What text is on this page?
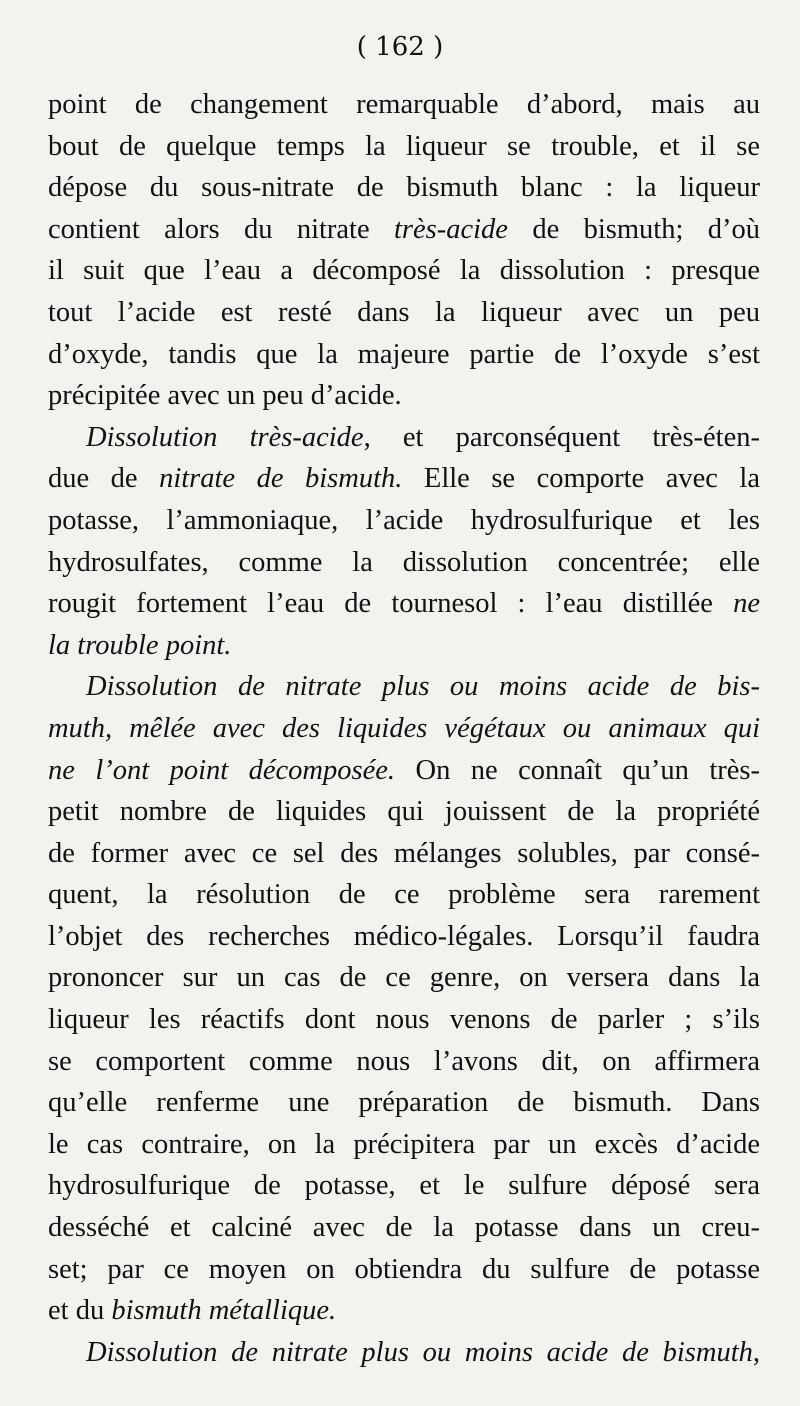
( 162 )
point de changement remarquable d’abord, mais au
bout de quelque temps la liqueur se trouble, et il se
dépose du sous-nitrate de bismuth blanc : la liqueur
contient alors du nitrate très-acide de bismuth; d’où
il suit que l’eau a décomposé la dissolution : presque
tout l’acide est resté dans la liqueur avec un peu
d’oxyde, tandis que la majeure partie de l’oxyde s’est
précipitée avec un peu d’acide.
Dissolution très-acide, et parconséquent très-éten-
due de nitrate de bismuth. Elle se comporte avec la
potasse, l’ammoniaque, l’acide hydrosulfurique et les
hydrosulfates, comme la dissolution concentrée; elle
rougit fortement l’eau de tournesol : l’eau distillée ne
la trouble point.
Dissolution de nitrate plus ou moins acide de bis-
muth, mêlée avec des liquides végétaux ou animaux qui
ne l’ont point décomposée. On ne connaît qu’un très-
petit nombre de liquides qui jouissent de la propriété
de former avec ce sel des mélanges solubles, par consé-
quent, la résolution de ce problème sera rarement
l’objet des recherches médico-légales. Lorsqu’il faudra
prononcer sur un cas de ce genre, on versera dans la
liqueur les réactifs dont nous venons de parler ; s’ils
se comportent comme nous l’avons dit, on affirmera
qu’elle renferme une préparation de bismuth. Dans
le cas contraire, on la précipitera par un excès d’acide
hydrosulfurique de potasse, et le sulfure déposé sera
desséché et calciné avec de la potasse dans un creu-
set; par ce moyen on obtiendra du sulfure de potasse
et du bismuth métallique.
Dissolution de nitrate plus ou moins acide de bismuth,
